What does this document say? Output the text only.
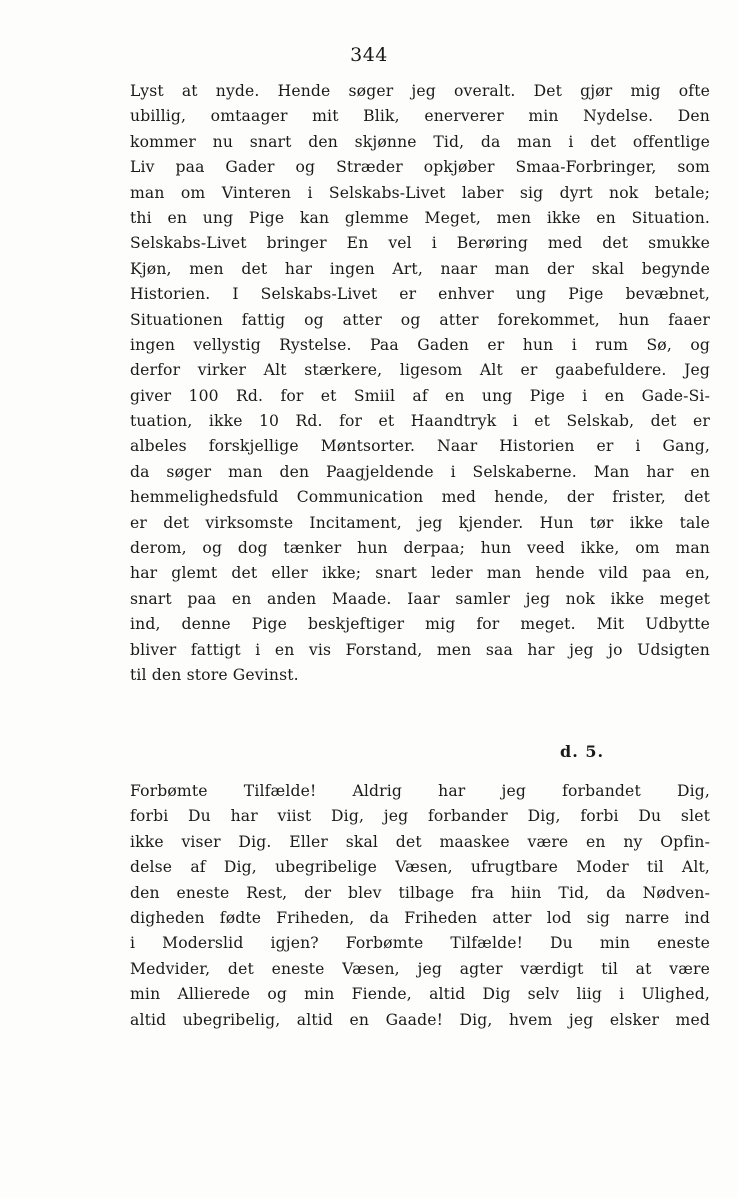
344
Lyst at nyde. Hende søger jeg overalt. Det gjør mig ofte
ubillig, omtaager mit Blik, enerverer min Nydelse. Den
kommer nu snart den skjønne Tid, da man i det offentlige
Liv paa Gader og Stræder opkjøber Smaa-Forbringer, som
man om Vinteren i Selskabs-Livet laber sig dyrt nok betale;
thi en ung Pige kan glemme Meget, men ikke en Situation.
Selskabs-Livet bringer En vel i Berøring med det smukke
Kjøn, men det har ingen Art, naar man der skal begynde
Historien. I Selskabs-Livet er enhver ung Pige bevæbnet,
Situationen fattig og atter og atter forekommet, hun faaer
ingen vellystig Rystelse. Paa Gaden er hun i rum Sø, og
derfor virker Alt stærkere, ligesom Alt er gaabefuldere. Jeg
giver 100 Rd. for et Smiil af en ung Pige i en Gade-Si-
tuation, ikke 10 Rd. for et Haandtryk i et Selskab, det er
albeles forskjellige Møntsorter. Naar Historien er i Gang,
da søger man den Paagjeldende i Selskaberne. Man har en
hemmelighedsfuld Communication med hende, der frister, det
er det virksomste Incitament, jeg kjender. Hun tør ikke tale
derom, og dog tænker hun derpaa; hun veed ikke, om man
har glemt det eller ikke; snart leder man hende vild paa en,
snart paa en anden Maade. Iaar samler jeg nok ikke meget
ind, denne Pige beskjeftiger mig for meget. Mit Udbytte
bliver fattigt i en vis Forstand, men saa har jeg jo Udsigten
til den store Gevinst.
d. 5.
Forbømte Tilfælde! Aldrig har jeg forbandet Dig,
forbi Du har viist Dig, jeg forbander Dig, forbi Du slet
ikke viser Dig. Eller skal det maaskee være en ny Opfin-
delse af Dig, ubegribelige Væsen, ufrugtbare Moder til Alt,
den eneste Rest, der blev tilbage fra hiin Tid, da Nødven-
digheden fødte Friheden, da Friheden atter lod sig narre ind
i Moderslid igjen? Forbømte Tilfælde! Du min eneste
Medvider, det eneste Væsen, jeg agter værdigt til at være
min Allierede og min Fiende, altid Dig selv liig i Ulighed,
altid ubegribelig, altid en Gaade! Dig, hvem jeg elsker med
